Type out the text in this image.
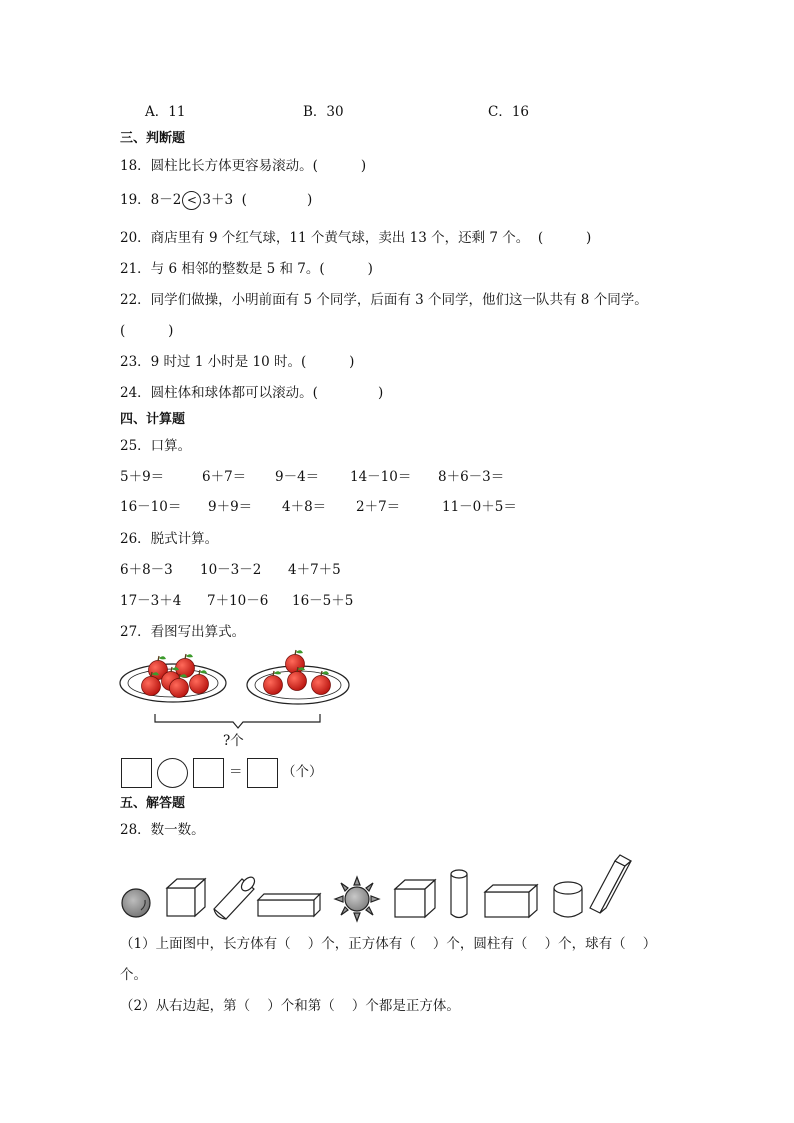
A．11	B．30	C．16
三、判断题
18．圆柱比长方体更容易滚动。(          )
19．8－2 < 3＋3  (              )
20．商店里有 9 个红气球，11 个黄气球，卖出 13 个，还剩 7 个。  (          )
21．与 6 相邻的整数是 5 和 7。(          )
22．同学们做操，小明前面有 5 个同学，后面有 3 个同学，他们这一队共有 8 个同学。
(          )
23．9 时过 1 小时是 10 时。(          )
24．圆柱体和球体都可以滚动。(              )
四、计算题
25．口算。
5＋9＝	6＋7＝ 9－4＝ 14－10＝ 8＋6－3＝
16－10＝ 9＋9＝ 4＋8＝ 2＋7＝	11－0＋5＝
26．脱式计算。
6＋8－3 10－3－2 4＋7＋5
17－3＋4 7＋10－6 16－5＋5
27．看图写出算式。
?个
＝	（个）
五、解答题
28．数一数。
（1）上面图中，长方体有（    ）个，正方体有（    ）个，圆柱有（    ）个，球有（    ）
个。
（2）从右边起，第（    ）个和第（    ）个都是正方体。
